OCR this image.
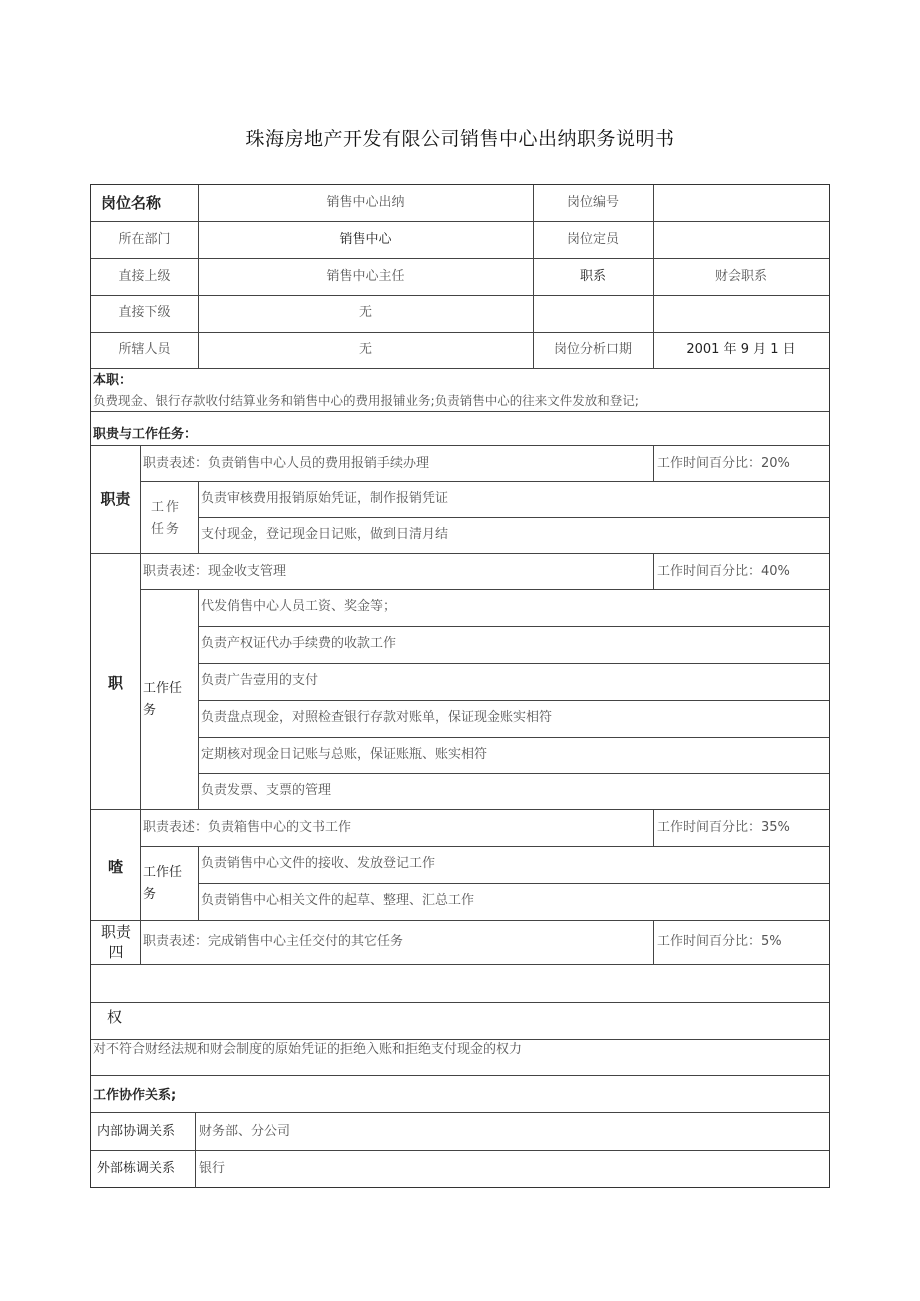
珠海房地产开发有限公司销售中心出纳职务说明书
岗位名称	销售中心出纳	岗位编号
所在部门	销售中心	岗位定员
直接上级	销售中心主任	职系	财会职系
直接下级	无
所辖人员	无	岗位分析口期	2001 年 9 月 1 日
本职：
负费现金、银行存款收付结算业务和销售中心的费用报铺业务;负责销售中心的往来文件发放和登记;
职贵与工作任务：
职责
职责表述：负责销售中心人员的费用报销手续办理	工作时间百分比：20%
工作任务
负责审核费用报销原始凭证，制作报销凭证
支付现金，登记现金日记账，做到日清月结
职
职责表述：现金收支管理	工作时间百分比：40%
工作任务
代发俏售中心人员工资、奖金等；
负责产权证代办手续费的收款工作
负责广告壹用的支付
负责盘点现金，对照检查银行存款对账单，保证现金账实相符
定期核对现金日记账与总账，保证账瓶、账实相符
负责发票、支票的管理
喳
职责表述：负责箱售中心的文书工作	工作时间百分比：35%
工作任务
负责销售中心文件的接收、发放登记工作
负责销售中心相关文件的起草、整理、汇总工作
职责四
职责表述：完成销售中心主任交付的其它任务	工作时间百分比：5%
权
对不符合财经法规和财会制度的原始凭证的拒绝入账和拒绝支付现金的权力
工作协作关系;
内部协调关系 财务部、分公司
外部栋调关系 银行
